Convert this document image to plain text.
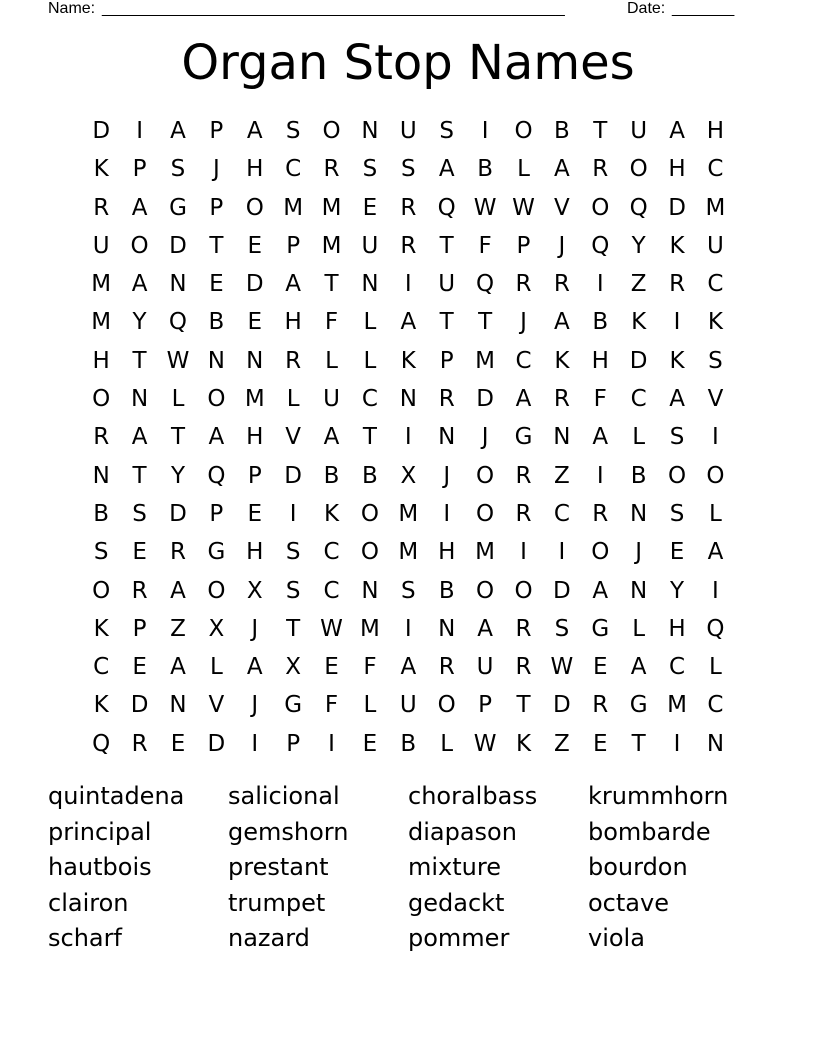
Name: ____________________________________________________	Date: _______
Organ Stop Names
D	I	A	P	A	S O N U S	I	O B	T U A H
K	P	S	J	H C R	S	S	A B	L	A R O H C
R A G P O M M E	R Q W W V O Q D M
U O D T	E	P M U R	T	F	P	J	Q Y	K U
M A N E D A	T N	I	U Q R R	I	Z R C
M Y Q B	E H	F	L	A	T	T	J	A B K	I	K
H T W N N R	L	L	K	P M C K H D K	S
O N	L O M L	U C N R D A R	F	C A V
R A	T	A H V A	T	I	N	J	G N A	L	S	I
N T	Y Q P D B B X	J	O R Z	I	B O O
B	S D P	E	I	K O M	I	O R C R N S	L
S	E	R G H S	C O M H M	I	I	O	J	E	A
O R A O X	S	C N S	B O O D A N Y	I
K	P	Z X	J	T W M	I	N A R	S G	L	H Q
C	E	A	L	A X	E	F	A R U R W E	A C	L
K D N V	J	G F	L	U O P	T D R G M C
Q R	E D	I	P	I	E	B	L W K Z	E	T	I	N
quintadena	salicional	choralbass	krummhorn
principal	gemshorn	diapason	bombarde
hautbois	prestant	mixture	bourdon
clairon	trumpet	gedackt	octave
scharf	nazard	pommer	viola
